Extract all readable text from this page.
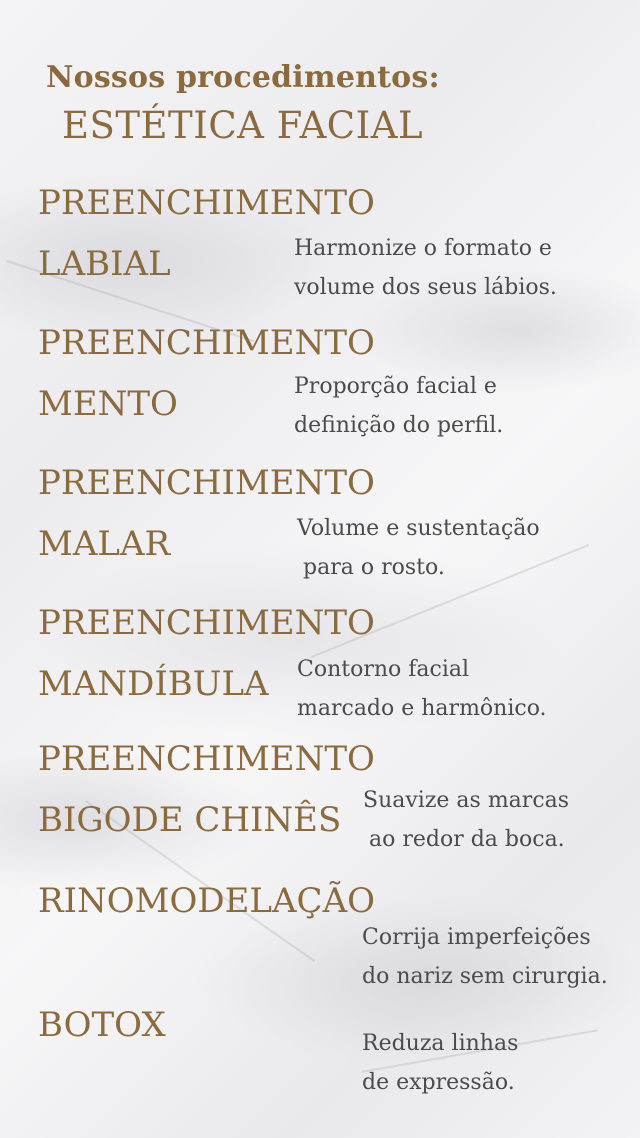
Nossos procedimentos:
ESTÉTICA FACIAL
PREENCHIMENTO
LABIAL	Harmonize o formato e
volume dos seus lábios.
PREENCHIMENTO
MENTO	Proporção facial e
definição do perfil.
PREENCHIMENTO
MALAR	Volume e sustentação
para o rosto.
PREENCHIMENTO
MANDÍBULA	Contorno facial
marcado e harmônico.
PREENCHIMENTO
BIGODE CHINÊS Suavize as marcas
ao redor da boca.
RINOMODELAÇÃO
Corrija imperfeições
do nariz sem cirurgia.
BOTOX	Reduza linhas
de expressão.
